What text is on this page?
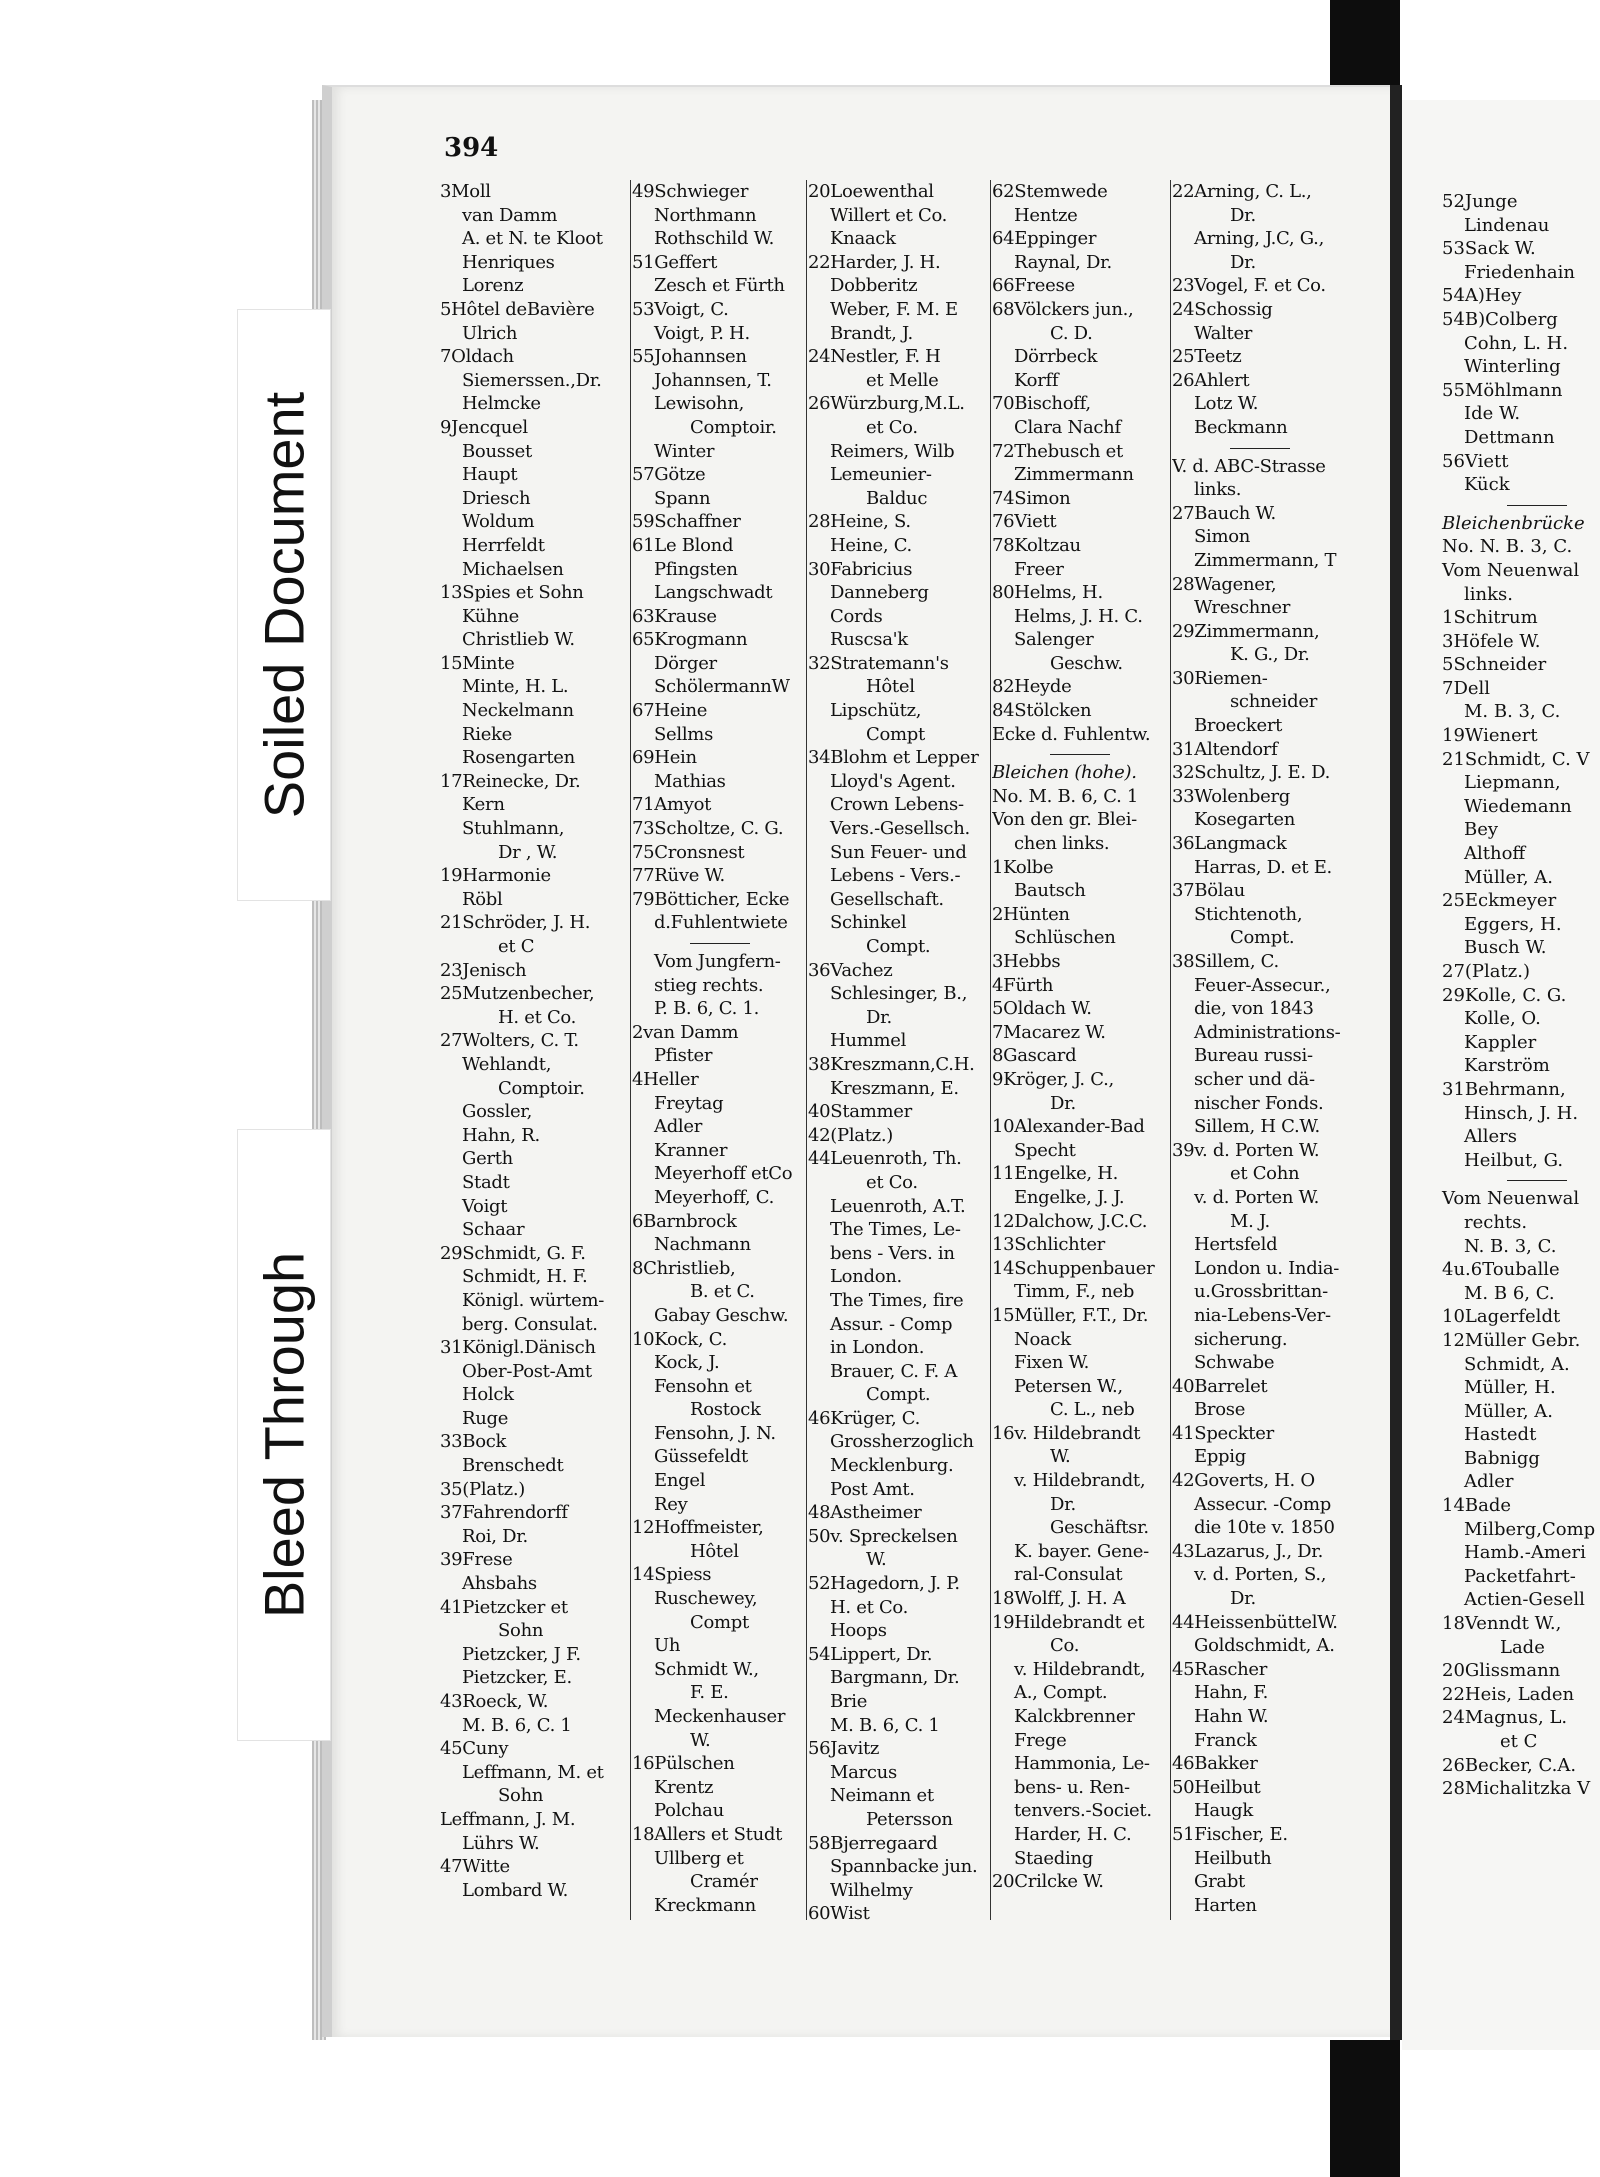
52Junge
Lindenau
53Sack W.
Friedenhain
54A)Hey
54B)Colberg
Cohn, L. H.
Winterling
55Möhlmann
Ide W.
Dettmann
56Viett
Kück
Bleichenbrücke
No. N. B. 3, C.
Vom Neuenwal
links.
1Schitrum
3Höfele W.
5Schneider
7Dell
M. B. 3, C.
19Wienert
21Schmidt, C. V
Liepmann,
Wiedemann
Bey
Althoff
Müller, A.
25Eckmeyer
Eggers, H.
Busch W.
27(Platz.)
29Kolle, C. G.
Kolle, O.
Kappler
Karström
31Behrmann,
Hinsch, J. H.
Allers
Heilbut, G.
Vom Neuenwal
rechts.
N. B. 3, C.
4u.6Touballe
M. B 6, C.
10Lagerfeldt
12Müller Gebr.
Schmidt, A.
Müller, H.
Müller, A.
Hastedt
Babnigg
Adler
14Bade
Milberg,Comp
Hamb.-Ameri
Packetfahrt-
Actien-Gesell
18Venndt W.,
Lade
20Glissmann
22Heis, Laden
24Magnus, L.
et C
26Becker, C.A.
28Michalitzka V
394
Soiled Document
Bleed Through
3Moll
van Damm
A. et N. te Kloot
Henriques
Lorenz
5Hôtel deBavière
Ulrich
7Oldach
Siemerssen.,Dr.
Helmcke
9Jencquel
Bousset
Haupt
Driesch
Woldum
Herrfeldt
Michaelsen
13Spies et Sohn
Kühne
Christlieb W.
15Minte
Minte, H. L.
Neckelmann
Rieke
Rosengarten
17Reinecke, Dr.
Kern
Stuhlmann,
Dr , W.
19Harmonie
Röbl
21Schröder, J. H.
et C
23Jenisch
25Mutzenbecher,
H. et Co.
27Wolters, C. T.
Wehlandt,
Comptoir.
Gossler,
Hahn, R.
Gerth
Stadt
Voigt
Schaar
29Schmidt, G. F.
Schmidt, H. F.
Königl. würtem-
berg. Consulat.
31Königl.Dänisch
Ober-Post-Amt
Holck
Ruge
33Bock
Brenschedt
35(Platz.)
37Fahrendorff
Roi, Dr.
39Frese
Ahsbahs
41Pietzcker et
Sohn
Pietzcker, J F.
Pietzcker, E.
43Roeck, W.
M. B. 6, C. 1
45Cuny
Leffmann, M. et
Sohn
Leffmann, J. M.
Lührs W.
47Witte
Lombard W.
49Schwieger
Northmann
Rothschild W.
51Geffert
Zesch et Fürth
53Voigt, C.
Voigt, P. H.
55Johannsen
Johannsen, T.
Lewisohn,
Comptoir.
Winter
57Götze
Spann
59Schaffner
61Le Blond
Pfingsten
Langschwadt
63Krause
65Krogmann
Dörger
SchölermannW
67Heine
Sellms
69Hein
Mathias
71Amyot
73Scholtze, C. G.
75Cronsnest
77Rüve W.
79Bötticher, Ecke
d.Fuhlentwiete
Vom Jungfern-
stieg rechts.
P. B. 6, C. 1.
2van Damm
Pfister
4Heller
Freytag
Adler
Kranner
Meyerhoff etCo
Meyerhoff, C.
6Barnbrock
Nachmann
8Christlieb,
B. et C.
Gabay Geschw.
10Kock, C.
Kock, J.
Fensohn et
Rostock
Fensohn, J. N.
Güssefeldt
Engel
Rey
12Hoffmeister,
Hôtel
14Spiess
Ruschewey,
Compt
Uh
Schmidt W.,
F. E.
Meckenhauser
W.
16Pülschen
Krentz
Polchau
18Allers et Studt
Ullberg et
Cramér
Kreckmann
20Loewenthal
Willert et Co.
Knaack
22Harder, J. H.
Dobberitz
Weber, F. M. E
Brandt, J.
24Nestler, F. H
et Melle
26Würzburg,M.L.
et Co.
Reimers, Wilb
Lemeunier-
Balduc
28Heine, S.
Heine, C.
30Fabricius
Danneberg
Cords
Ruscsa'k
32Stratemann's
Hôtel
Lipschütz,
Compt
34Blohm et Lepper
Lloyd's Agent.
Crown Lebens-
Vers.-Gesellsch.
Sun Feuer- und
Lebens - Vers.-
Gesellschaft.
Schinkel
Compt.
36Vachez
Schlesinger, B.,
Dr.
Hummel
38Kreszmann,C.H.
Kreszmann, E.
40Stammer
42(Platz.)
44Leuenroth, Th.
et Co.
Leuenroth, A.T.
The Times, Le-
bens - Vers. in
London.
The Times, fire
Assur. - Comp
in London.
Brauer, C. F. A
Compt.
46Krüger, C.
Grossherzoglich
Mecklenburg.
Post Amt.
48Astheimer
50v. Spreckelsen
W.
52Hagedorn, J. P.
H. et Co.
Hoops
54Lippert, Dr.
Bargmann, Dr.
Brie
M. B. 6, C. 1
56Javitz
Marcus
Neimann et
Petersson
58Bjerregaard
Spannbacke jun.
Wilhelmy
60Wist
62Stemwede
Hentze
64Eppinger
Raynal, Dr.
66Freese
68Völckers jun.,
C. D.
Dörrbeck
Korff
70Bischoff,
Clara Nachf
72Thebusch et
Zimmermann
74Simon
76Viett
78Koltzau
Freer
80Helms, H.
Helms, J. H. C.
Salenger
Geschw.
82Heyde
84Stölcken
Ecke d. Fuhlentw.
Bleichen (hohe).
No. M. B. 6, C. 1
Von den gr. Blei-
chen links.
1Kolbe
Bautsch
2Hünten
Schlüschen
3Hebbs
4Fürth
5Oldach W.
7Macarez W.
8Gascard
9Kröger, J. C.,
Dr.
10Alexander-Bad
Specht
11Engelke, H.
Engelke, J. J.
12Dalchow, J.C.C.
13Schlichter
14Schuppenbauer
Timm, F., neb
15Müller, F.T., Dr.
Noack
Fixen W.
Petersen W.,
C. L., neb
16v. Hildebrandt
W.
v. Hildebrandt,
Dr.
Geschäftsr.
K. bayer. Gene-
ral-Consulat
18Wolff, J. H. A
19Hildebrandt et
Co.
v. Hildebrandt,
A., Compt.
Kalckbrenner
Frege
Hammonia, Le-
bens- u. Ren-
tenvers.-Societ.
Harder, H. C.
Staeding
20Crilcke W.
22Arning, C. L.,
Dr.
Arning, J.C, G.,
Dr.
23Vogel, F. et Co.
24Schossig
Walter
25Teetz
26Ahlert
Lotz W.
Beckmann
V. d. ABC-Strasse
links.
27Bauch W.
Simon
Zimmermann, T
28Wagener,
Wreschner
29Zimmermann,
K. G., Dr.
30Riemen-
schneider
Broeckert
31Altendorf
32Schultz, J. E. D.
33Wolenberg
Kosegarten
36Langmack
Harras, D. et E.
37Bölau
Stichtenoth,
Compt.
38Sillem, C.
Feuer-Assecur.,
die, von 1843
Administrations-
Bureau russi-
scher und dä-
nischer Fonds.
Sillem, H C.W.
39v. d. Porten W.
et Cohn
v. d. Porten W.
M. J.
Hertsfeld
London u. India-
u.Grossbrittan-
nia-Lebens-Ver-
sicherung.
Schwabe
40Barrelet
Brose
41Speckter
Eppig
42Goverts, H. O
Assecur. -Comp
die 10te v. 1850
43Lazarus, J., Dr.
v. d. Porten, S.,
Dr.
44HeissenbüttelW.
Goldschmidt, A.
45Rascher
Hahn, F.
Hahn W.
Franck
46Bakker
50Heilbut
Haugk
51Fischer, E.
Heilbuth
Grabt
Harten
